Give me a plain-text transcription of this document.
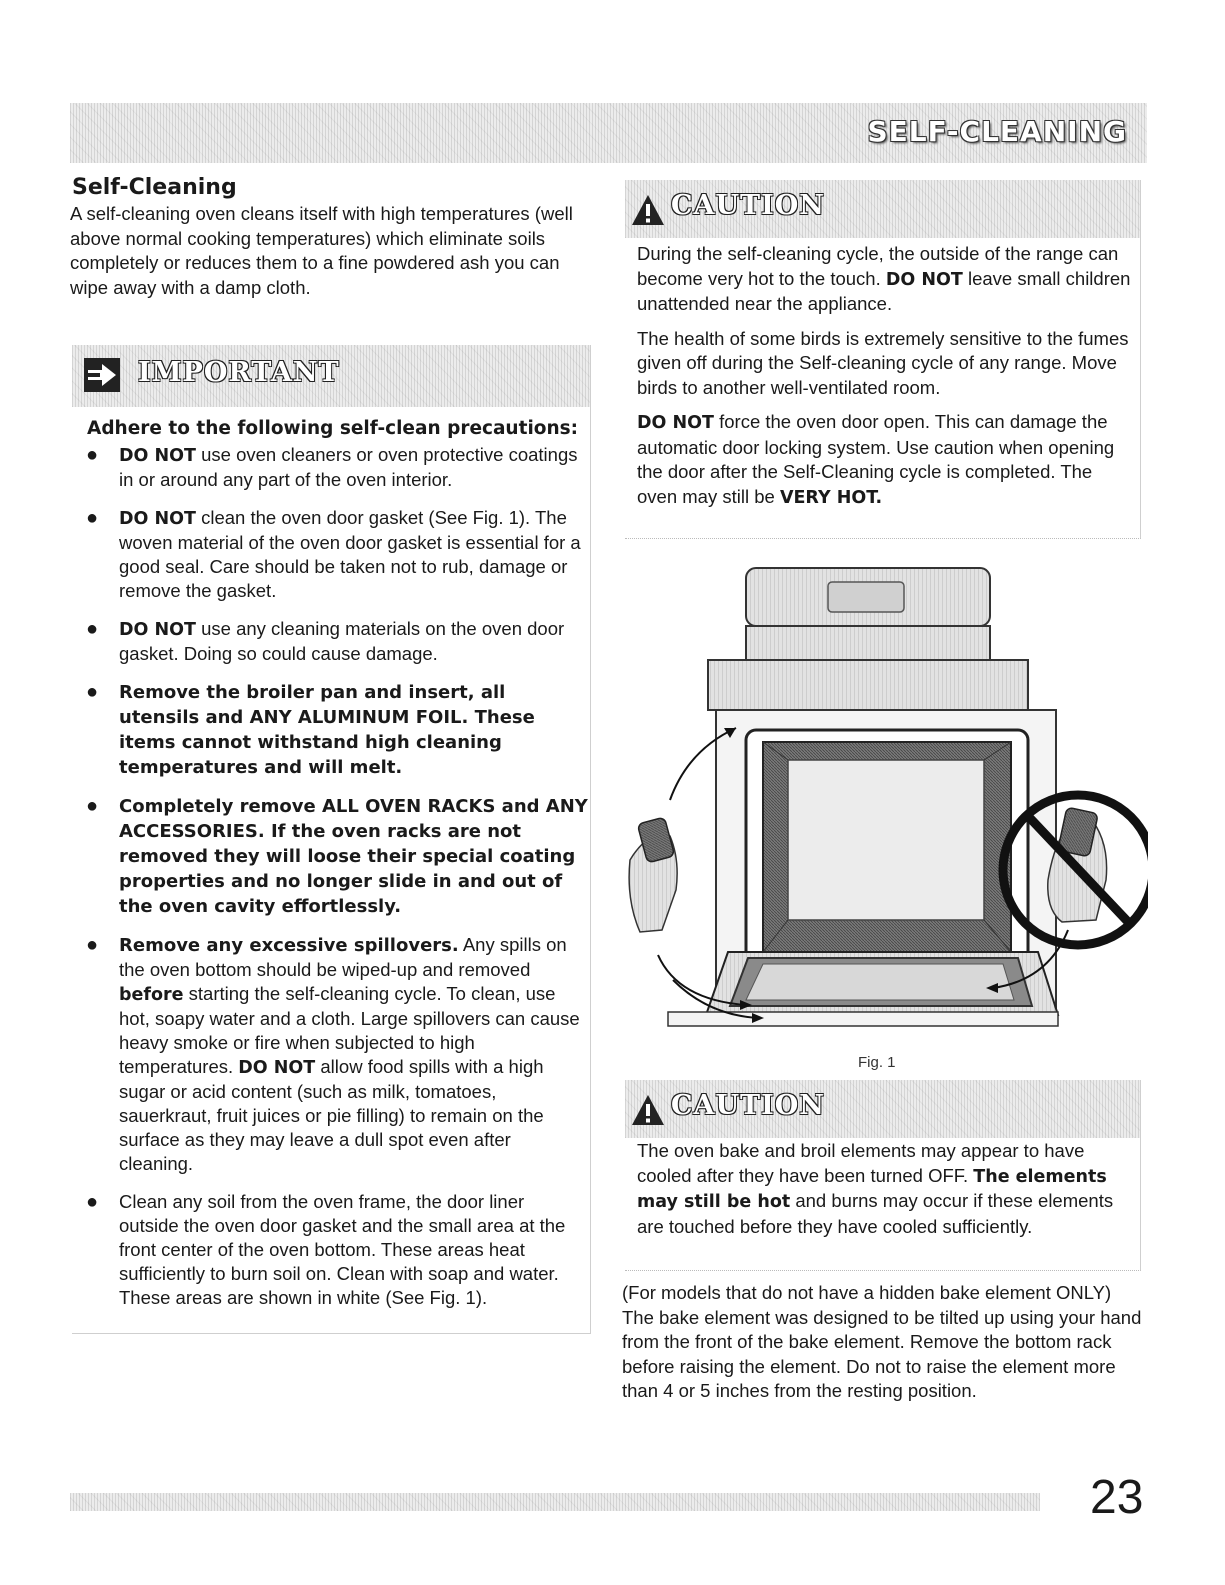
SELF-CLEANING
Self-Cleaning
A self-cleaning oven cleans itself with high temperatures (well above normal cooking temperatures) which eliminate soils completely or reduces them to a fine powdered ash you can wipe away with a damp cloth.
IMPORTANT
Adhere to the following self-clean precautions:
● DO NOT use oven cleaners or oven protective coatings in or around any part of the oven interior.
● DO NOT clean the oven door gasket (See Fig. 1). The woven material of the oven door gasket is essential for a good seal. Care should be taken not to rub, damage or remove the gasket.
● DO NOT use any cleaning materials on the oven door gasket. Doing so could cause damage.
● Remove the broiler pan and insert, all utensils and ANY ALUMINUM FOIL. These items cannot withstand high cleaning temperatures and will melt.
● Completely remove ALL OVEN RACKS and ANY ACCESSORIES. If the oven racks are not removed they will loose their special coating properties and no longer slide in and out of the oven cavity effortlessly.
● Remove any excessive spillovers. Any spills on the oven bottom should be wiped-up and removed before starting the self-cleaning cycle. To clean, use hot, soapy water and a cloth. Large spillovers can cause heavy smoke or fire when subjected to high temperatures. DO NOT allow food spills with a high sugar or acid content (such as milk, tomatoes, sauerkraut, fruit juices or pie filling) to remain on the surface as they may leave a dull spot even after cleaning.
● Clean any soil from the oven frame, the door liner outside the oven door gasket and the small area at the front center of the oven bottom. These areas heat sufficiently to burn soil on. Clean with soap and water. These areas are shown in white (See Fig. 1).
CAUTION

During the self-cleaning cycle, the outside of the range can become very hot to the touch. DO NOT leave small children unattended near the appliance.

The health of some birds is extremely sensitive to the fumes given off during the Self-cleaning cycle of any range. Move birds to another well-ventilated room.

DO NOT force the oven door open. This can damage the automatic door locking system. Use caution when opening the door after the Self-Cleaning cycle is completed. The oven may still be VERY HOT.

Fig. 1
CAUTION

The oven bake and broil elements may appear to have cooled after they have been turned OFF. The elements may still be hot and burns may occur if these elements are touched before they have cooled sufficiently.

(For models that do not have a hidden bake element ONLY) The bake element was designed to be tilted up using your hand from the front of the bake element. Remove the bottom rack before raising the element. Do not to raise the element more than 4 or 5 inches from the resting position.
23
